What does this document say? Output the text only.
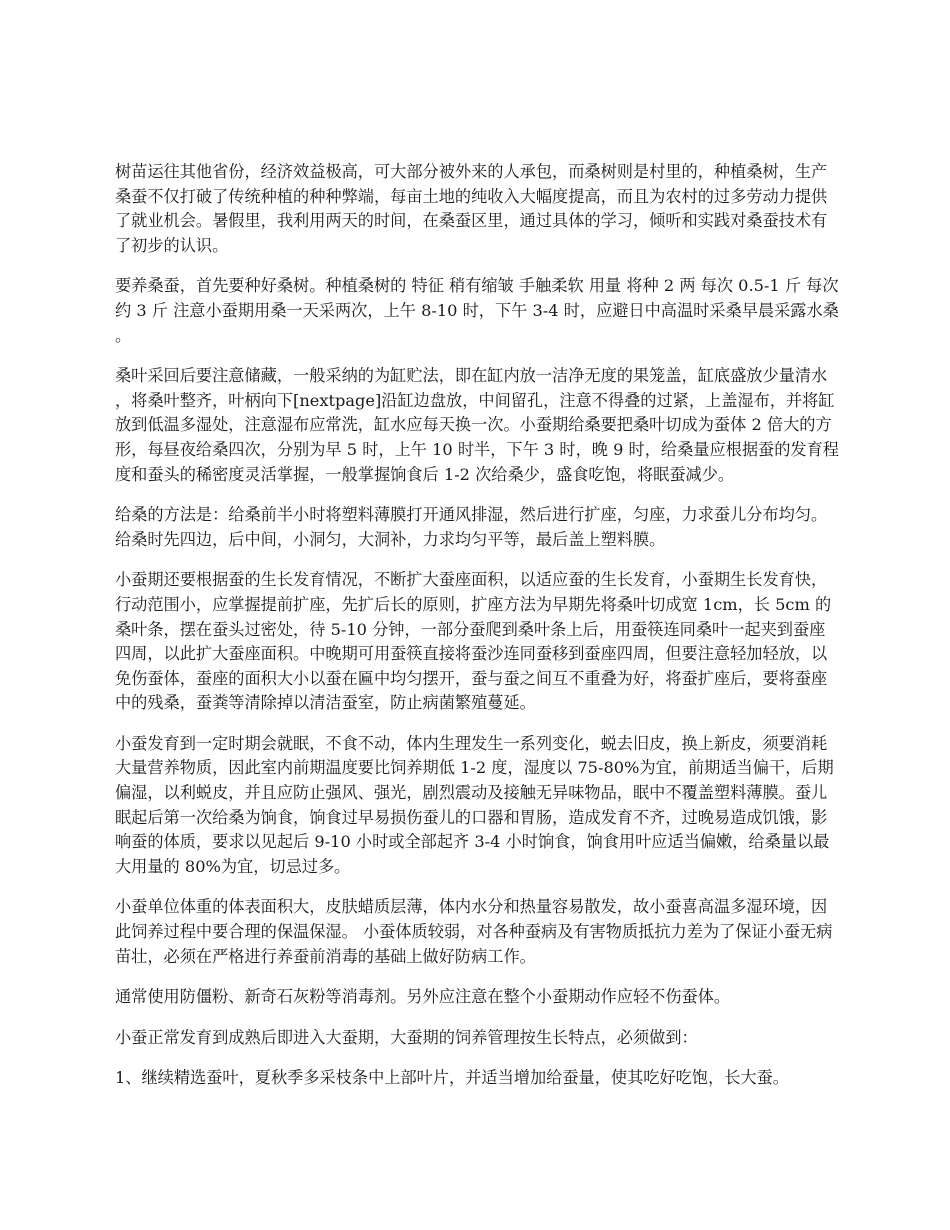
树苗运往其他省份，经济效益极高，可大部分被外来的人承包，而桑树则是村里的，种植桑树，生产桑蚕不仅打破了传统种植的种种弊端，每亩土地的纯收入大幅度提高，而且为农村的过多劳动力提供了就业机会。暑假里，我利用两天的时间，在桑蚕区里，通过具体的学习，倾听和实践对桑蚕技术有了初步的认识。

要养桑蚕，首先要种好桑树。种植桑树的 特征 稍有缩皱 手触柔软 用量 将种 2 两 每次 0.5-1 斤 每次约 3 斤 注意小蚕期用桑一天采两次，上午 8-10 时，下午 3-4 时，应避日中高温时采桑早晨采露水桑。

桑叶采回后要注意储藏，一般采纳的为缸贮法，即在缸内放一洁净无度的果笼盖，缸底盛放少量清水，将桑叶整齐，叶柄向下[nextpage]沿缸边盘放，中间留孔，注意不得叠的过紧，上盖湿布，并将缸放到低温多湿处，注意湿布应常洗，缸水应每天换一次。小蚕期给桑要把桑叶切成为蚕体 2 倍大的方形，每昼夜给桑四次，分别为早 5 时，上午 10 时半，下午 3 时，晚 9 时，给桑量应根据蚕的发育程度和蚕头的稀密度灵活掌握，一般掌握饷食后 1-2 次给桑少，盛食吃饱，将眠蚕减少。

给桑的方法是：给桑前半小时将塑料薄膜打开通风排湿，然后进行扩座，匀座，力求蚕儿分布均匀。给桑时先四边，后中间，小洞匀，大洞补，力求均匀平等，最后盖上塑料膜。

小蚕期还要根据蚕的生长发育情况，不断扩大蚕座面积，以适应蚕的生长发育，小蚕期生长发育快，行动范围小，应掌握提前扩座，先扩后长的原则，扩座方法为早期先将桑叶切成宽 1cm，长 5cm 的桑叶条，摆在蚕头过密处，待 5-10 分钟，一部分蚕爬到桑叶条上后，用蚕筷连同桑叶一起夹到蚕座四周，以此扩大蚕座面积。中晚期可用蚕筷直接将蚕沙连同蚕移到蚕座四周，但要注意轻加轻放，以免伤蚕体，蚕座的面积大小以蚕在匾中均匀摆开，蚕与蚕之间互不重叠为好，将蚕扩座后，要将蚕座中的残桑，蚕粪等清除掉以清洁蚕室，防止病菌繁殖蔓延。

小蚕发育到一定时期会就眠，不食不动，体内生理发生一系列变化，蜕去旧皮，换上新皮，须要消耗大量营养物质，因此室内前期温度要比饲养期低 1-2 度，湿度以 75-80%为宜，前期适当偏干，后期偏湿，以利蜕皮，并且应防止强风、强光，剧烈震动及接触无异味物品，眠中不覆盖塑料薄膜。蚕儿眠起后第一次给桑为饷食，饷食过早易损伤蚕儿的口器和胃肠，造成发育不齐，过晚易造成饥饿，影响蚕的体质，要求以见起后 9-10 小时或全部起齐 3-4 小时饷食，饷食用叶应适当偏嫩，给桑量以最大用量的 80%为宜，切忌过多。

小蚕单位体重的体表面积大，皮肤蜡质层薄，体内水分和热量容易散发，故小蚕喜高温多湿环境，因此饲养过程中要合理的保温保湿。 小蚕体质较弱，对各种蚕病及有害物质抵抗力差为了保证小蚕无病苗壮，必须在严格进行养蚕前消毒的基础上做好防病工作。

通常使用防僵粉、新奇石灰粉等消毒剂。另外应注意在整个小蚕期动作应轻不伤蚕体。

小蚕正常发育到成熟后即进入大蚕期，大蚕期的饲养管理按生长特点，必须做到：

1、继续精选蚕叶，夏秋季多采枝条中上部叶片，并适当增加给蚕量，使其吃好吃饱，长大蚕。
